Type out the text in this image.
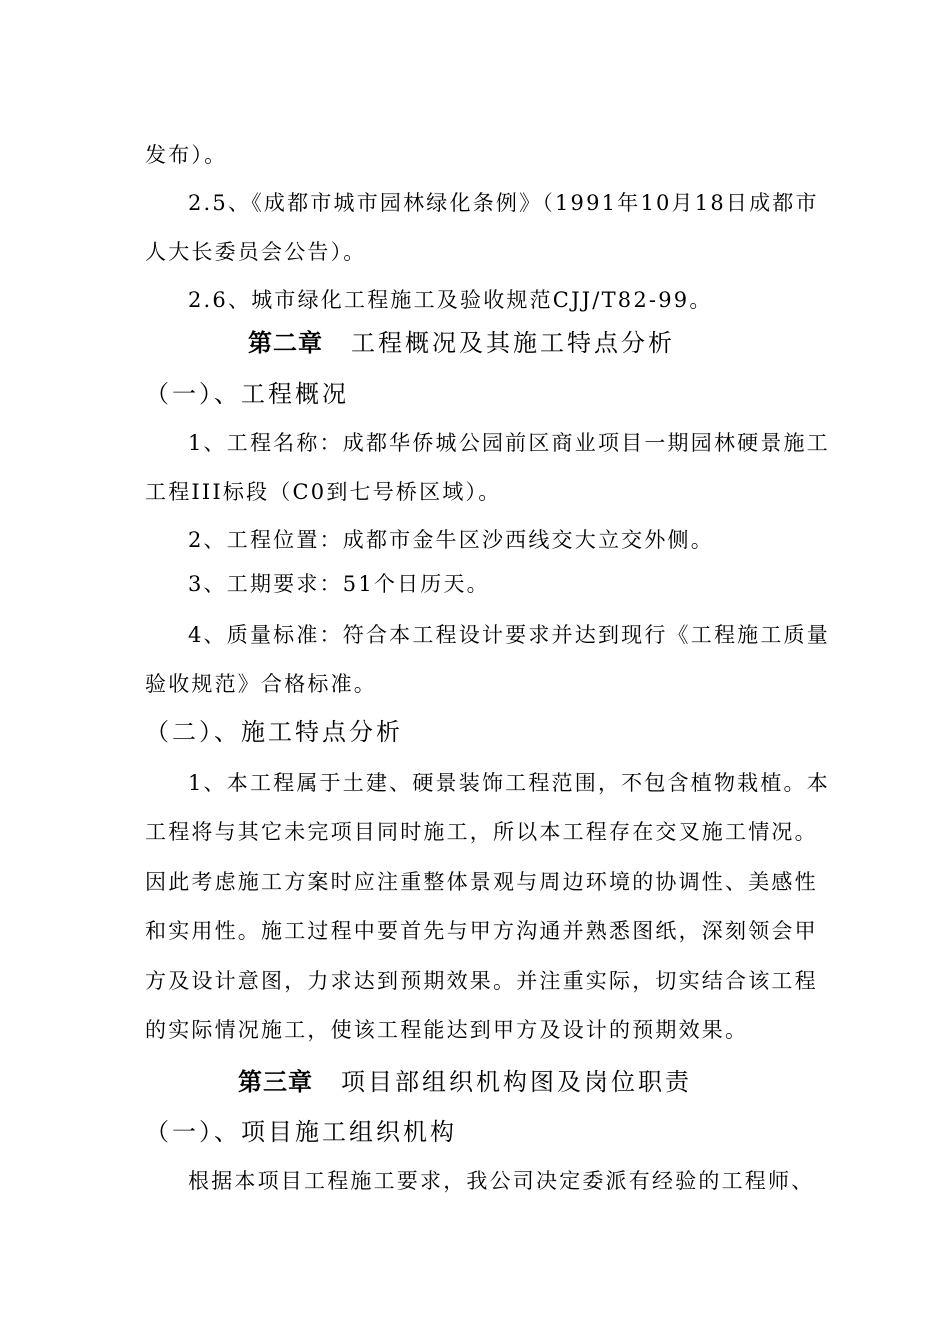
发布）。
2.5、《成都市城市园林绿化条例》（1991年10月18日成都市
人大长委员会公告）。
2.6、城市绿化工程施工及验收规范CJJ/T82-99。
第二章 工程概况及其施工特点分析
（一）、工程概况
1、工程名称：成都华侨城公园前区商业项目一期园林硬景施工
工程III标段（C0到七号桥区域）。
2、工程位置：成都市金牛区沙西线交大立交外侧。
3、工期要求：51个日历天。
4、质量标准：符合本工程设计要求并达到现行《工程施工质量
验收规范》合格标准。
（二）、施工特点分析
1、本工程属于土建、硬景装饰工程范围，不包含植物栽植。本
工程将与其它未完项目同时施工，所以本工程存在交叉施工情况。
因此考虑施工方案时应注重整体景观与周边环境的协调性、美感性
和实用性。施工过程中要首先与甲方沟通并熟悉图纸，深刻领会甲
方及设计意图，力求达到预期效果。并注重实际，切实结合该工程
的实际情况施工，使该工程能达到甲方及设计的预期效果。
第三章 项目部组织机构图及岗位职责
（一）、项目施工组织机构
根据本项目工程施工要求，我公司决定委派有经验的工程师、
